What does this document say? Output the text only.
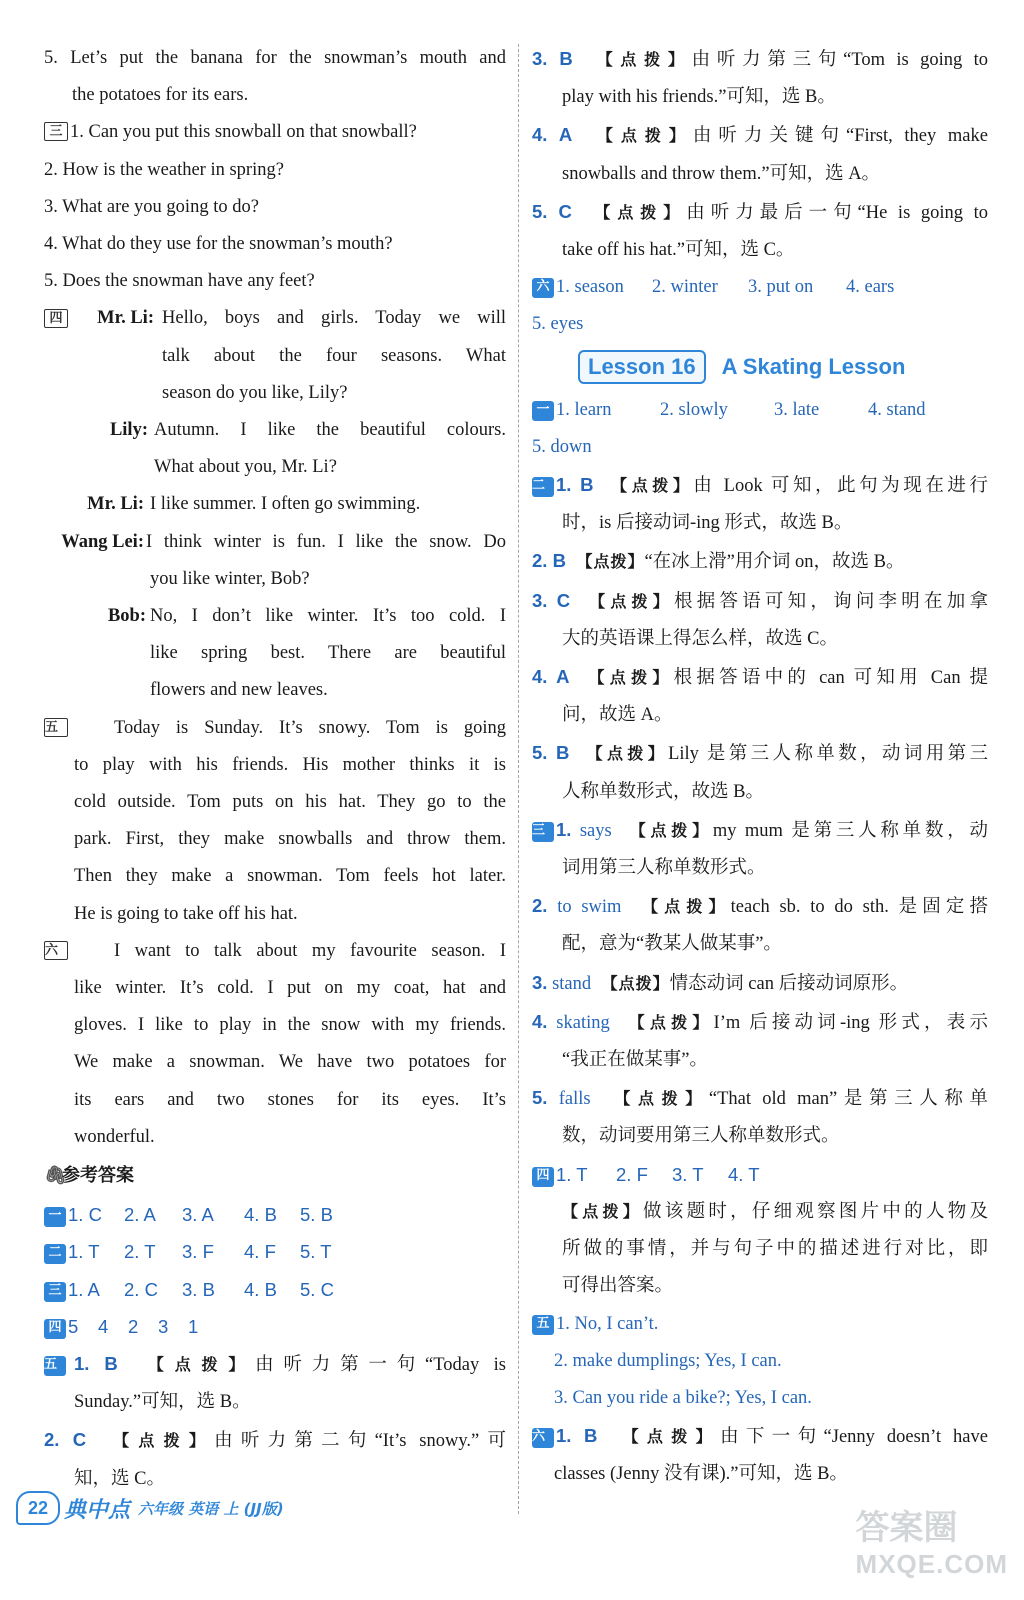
5. Let’s put the banana for the snowman’s mouth and
the potatoes for its ears.
三 1. Can you put this snowball on that snowball?
2. How is the weather in spring?
3. What are you going to do?
4. What do they use for the snowman’s mouth?
5. Does the snowman have any feet?
四 Mr. Li: Hello, boys and girls. Today we will
talk about the four seasons. What
season do you like, Lily?
Lily: Autumn. I like the beautiful colours.
What about you, Mr. Li?
Mr. Li: I like summer. I often go swimming.
Wang Lei: I think winter is fun. I like the snow. Do
you like winter, Bob?
Bob: No, I don’t like winter. It’s too cold. I
like spring best. There are beautiful
flowers and new leaves.
五	Today is Sunday. It’s snowy. Tom is going
to play with his friends. His mother thinks it is
cold outside. Tom puts on his hat. They go to the
park. First, they make snowballs and throw them.
Then they make a snowman. Tom feels hot later.
He is going to take off his hat.
六	I want to talk about my favourite season. I
like winter. It’s cold. I put on my coat, hat and
gloves. I like to play in the snow with my friends.
We make a snowman. We have two potatoes for
its ears and two stones for its eyes. It’s
wonderful.
🖇参考答案
一 1. C 2. A 3. A 4. B 5. B
二 1. T 2. T 3. F 4. F 5. T
三 1. A 2. C 3. B 4. B 5. C
四 5 4 2 3 1
五 1. B　 【点拨】由听力第一句“Today is
Sunday.”可知，选 B。
2. C　 【点拨】由听力第二句“It’s snowy.”可
知，选 C。
3. B　 【点拨】由听力第三句“Tom is going to
play with his friends.”可知，选 B。
4. A　 【点拨】由听力关键句“First, they make
snowballs and throw them.”可知，选 A。
5. C　 【点拨】由听力最后一句“He is going to
take off his hat.”可知，选 C。
六 1. season 2. winter 3. put on 4. ears
5. eyes
Lesson 16	A Skating Lesson
一 1. learn	2. slowly 3. late	4. stand
5. down
二 1. B　 【点拨】由 Look 可知，此句为现在进行
时，is 后接动词-ing 形式，故选 B。
2. B　 【点拨】“在冰上滑”用介词 on，故选 B。
3. C　 【点拨】根据答语可知，询问李明在加拿
大的英语课上得怎么样，故选 C。
4. A　 【点拨】根据答语中的 can 可知用 Can 提
问，故选 A。
5. B　 【点拨】Lily 是第三人称单数，动词用第三
人称单数形式，故选 B。
三 1. says　 【点拨】my mum 是第三人称单数，动
词用第三人称单数形式。
2. to swim　 【点拨】teach sb. to do sth. 是固定搭
配，意为“教某人做某事”。
3. stand　 【点拨】情态动词 can 后接动词原形。
4. skating　 【点拨】I’m 后接动词-ing 形式，表示
“我正在做某事”。
5. falls　 【点拨】“That old man”是第三人称单
数，动词要用第三人称单数形式。
四 1. T 2. F 3. T 4. T
【点拨】做该题时，仔细观察图片中的人物及
所做的事情，并与句子中的描述进行对比，即
可得出答案。
五 1. No, I can’t.
2. make dumplings; Yes, I can.
3. Can you ride a bike?; Yes, I can.
六 1. B　 【点拨】由下一句“Jenny doesn’t have
classes (Jenny 没有课).”可知，选 B。
22 典中点 六年级 英语 上 (JJ版)
答案圈
MXQE.COM
